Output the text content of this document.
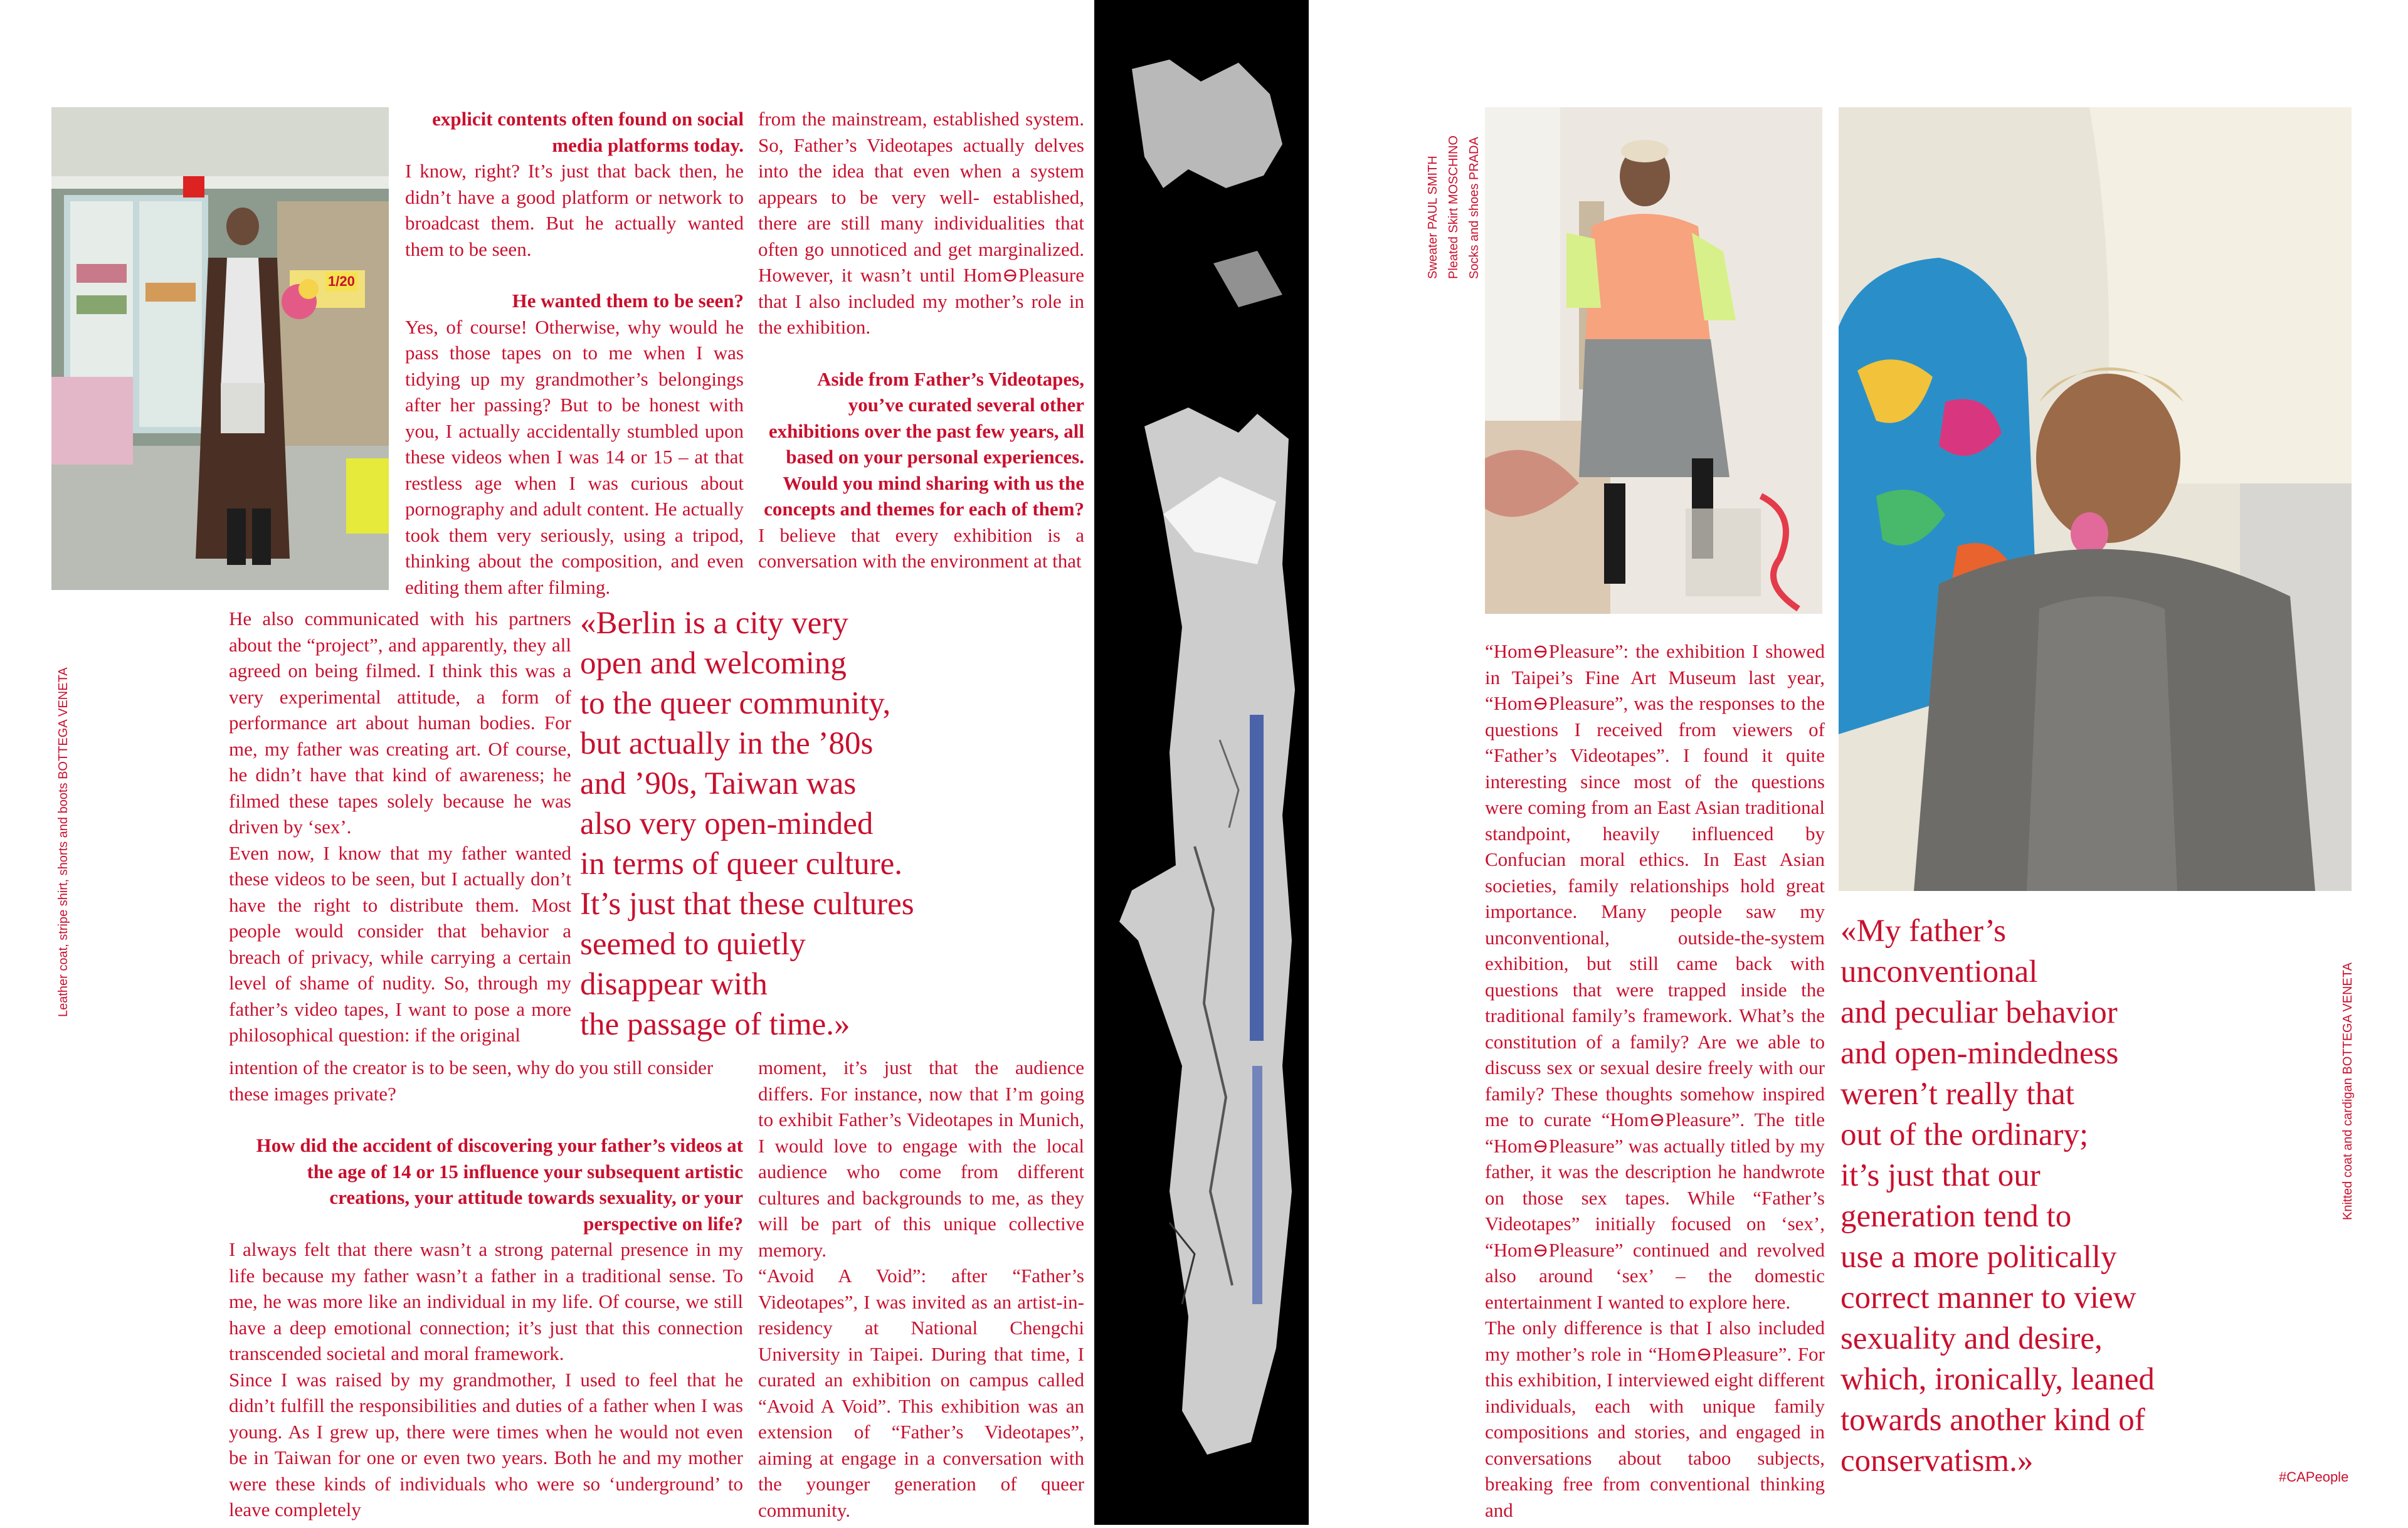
1/20
Leather coat, stripe shirt, shorts and boots BOTTEGA VENETA

explicit contents often found on social media platforms today.

I know, right? It’s just that back then, he didn’t have a good platform or network to broadcast them. But he actually wanted them to be seen.

He wanted them to be seen?

Yes, of course! Otherwise, why would he pass those tapes on to me when I was tidying up my grandmother’s belongings after her passing? But to be honest with you, I actually accidentally stumbled upon these videos when I was 14 or 15 – at that restless age when I was curious about pornography and adult content. He actually took them very seriously, using a tripod, thinking about the composition, and even editing them after filming.

He also communicated with his partners about the “project”, and apparently, they all agreed on being filmed. I think this was a very experimental attitude, a form of performance art about human bodies. For me, my father was creating art. Of course, he didn’t have that kind of awareness; he filmed these tapes solely because he was driven by ‘sex’.

Even now, I know that my father wanted these videos to be seen, but I actually don’t have the right to distribute them. Most people would consider that behavior a breach of privacy, while carrying a certain level of shame of nudity. So, through my father’s video tapes, I want to pose a more philosophical question: if the original

intention of the creator is to be seen, why do you still consider these images private?

How did the accident of discovering your father’s videos at the age of 14 or 15 influence your subsequent artistic creations, your attitude towards sexuality, or your perspective on life?

I always felt that there wasn’t a strong paternal presence in my life because my father wasn’t a father in a traditional sense. To me, he was more like an individual in my life. Of course, we still have a deep emotional connection; it’s just that this connection transcended societal and moral framework.

Since I was raised by my grandmother, I used to feel that he didn’t fulfill the responsibilities and duties of a father when I was young. As I grew up, there were times when he would not even be in Taiwan for one or even two years. Both he and my mother were these kinds of individuals who were so ‘underground’ to leave completely

from the mainstream, established system. So, Father’s Videotapes actually delves into the idea that even when a system appears to be very well- established, there are still many individualities that often go unnoticed and get marginalized. However, it wasn’t until Hom⊖Pleasure that I also included my mother’s role in the exhibition.

Aside from Father’s Videotapes, you’ve curated several other exhibitions over the past few years, all based on your personal experiences. Would you mind sharing with us the concepts and themes for each of them?

I believe that every exhibition is a conversation with the environment at that

moment, it’s just that the audience differs. For instance, now that I’m going to exhibit Father’s Videotapes in Munich, I would love to engage with the local audience who come from different cultures and backgrounds to me, as they will be part of this unique collective memory.

“Avoid A Void”: after “Father’s Videotapes”, I was invited as an artist-in-residency at National Chengchi University in Taipei. During that time, I curated an exhibition on campus called “Avoid A Void”. This exhibition was an extension of “Father’s Videotapes”, aiming at engage in a conversation with the younger generation of queer community.

«Berlin is a city very
open and welcoming
to the queer community,
but actually in the ’80s
and ’90s, Taiwan was
also very open-minded
in terms of queer culture.
It’s just that these cultures
seemed to quietly
disappear with
the passage of time.»
Sweater PAUL SMITH Pleated Skirt MOSCHINO Socks and shoes PRADA
Knitted coat and cardigan BOTTEGA VENETA

“Hom⊖Pleasure”: the exhibition I showed in Taipei’s Fine Art Museum last year, “Hom⊖Pleasure”, was the responses to the questions I received from viewers of “Father’s Videotapes”. I found it quite interesting since most of the questions were coming from an East Asian traditional standpoint, heavily influenced by Confucian moral ethics. In East Asian societies, family relationships hold great importance. Many people saw my unconventional, outside-the-system exhibition, but still came back with questions that were trapped inside the traditional family’s framework. What’s the constitution of a family? Are we able to discuss sex or sexual desire freely with our family? These thoughts somehow inspired me to curate “Hom⊖Pleasure”. The title “Hom⊖Pleasure” was actually titled by my father, it was the description he handwrote on those sex tapes. While “Father’s Videotapes” initially focused on ‘sex’, “Hom⊖Pleasure” continued and revolved also around ‘sex’ – the domestic entertainment I wanted to explore here.

The only difference is that I also included my mother’s role in “Hom⊖Pleasure”. For this exhibition, I interviewed eight different individuals, each with unique family compositions and stories, and engaged in conversations about taboo subjects, breaking free from conventional thinking and

«My father’s
unconventional
and peculiar behavior
and open-mindedness
weren’t really that
out of the ordinary;
it’s just that our
generation tend to
use a more politically
correct manner to view
sexuality and desire,
which, ironically, leaned
towards another kind of
conservatism.»	#CAPeople
